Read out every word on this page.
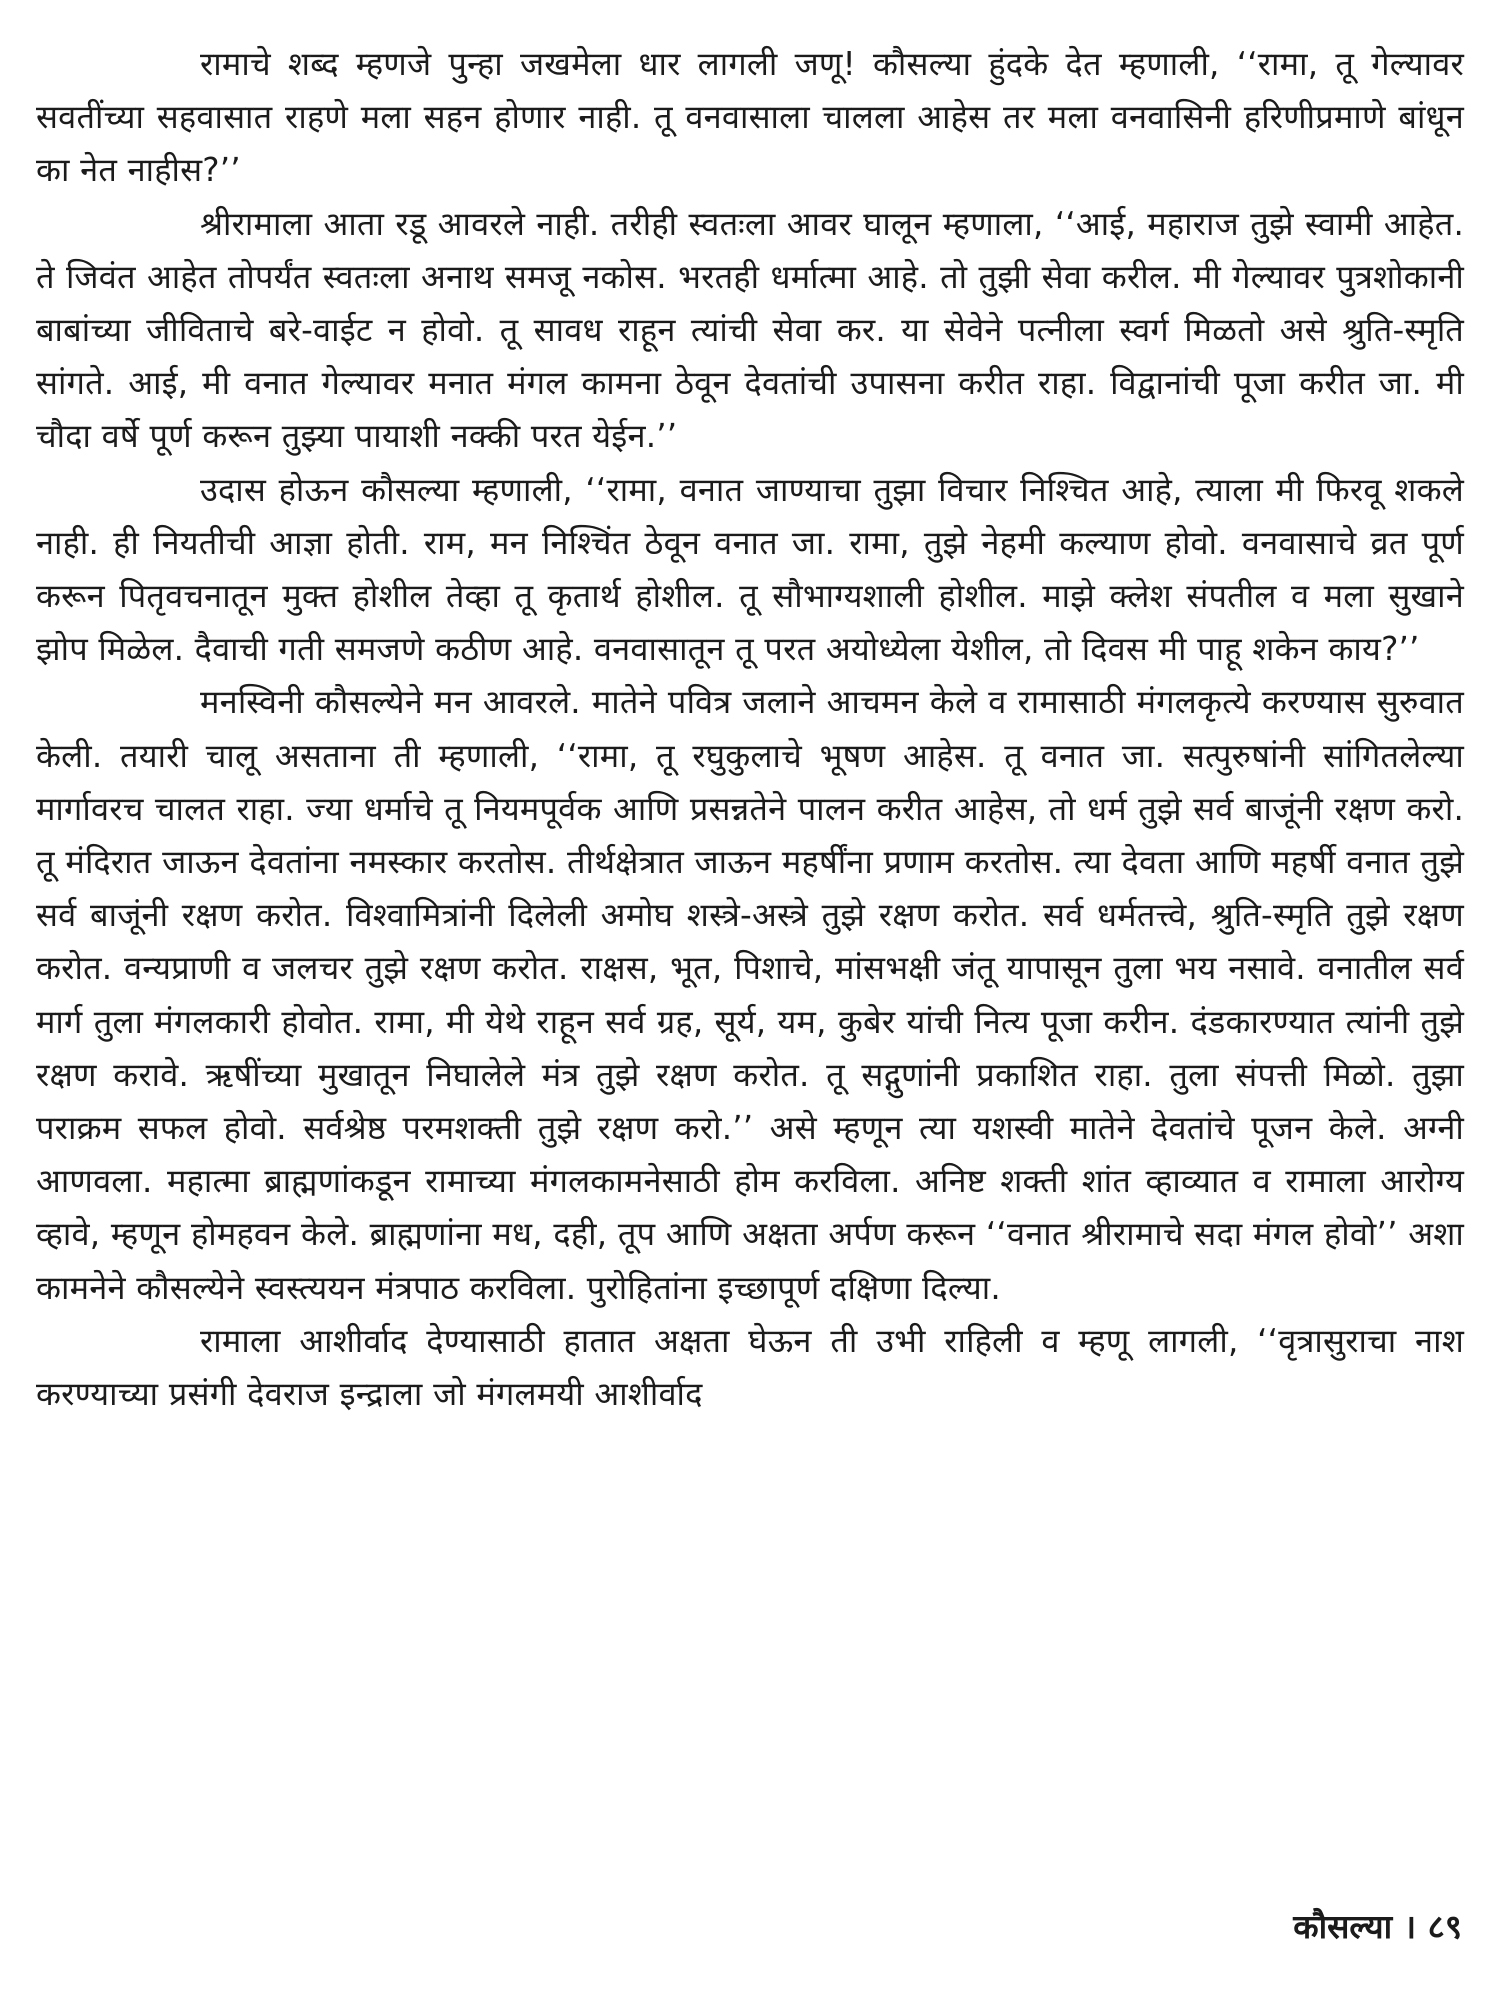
रामाचे शब्द म्हणजे पुन्हा जखमेला धार लागली जणू! कौसल्या हुंदके देत म्हणाली, ‘‘रामा, तू गेल्यावर सवतींच्या सहवासात राहणे मला सहन होणार नाही. तू वनवासाला चालला आहेस तर मला वनवासिनी हरिणीप्रमाणे बांधून का नेत नाहीस?’’

श्रीरामाला आता रडू आवरले नाही. तरीही स्वतःला आवर घालून म्हणाला, ‘‘आई, महाराज तुझे स्वामी आहेत. ते जिवंत आहेत तोपर्यंत स्वतःला अनाथ समजू नकोस. भरतही धर्मात्मा आहे. तो तुझी सेवा करील. मी गेल्यावर पुत्रशोकानी बाबांच्या जीविताचे बरे-वाईट न होवो. तू सावध राहून त्यांची सेवा कर. या सेवेने पत्नीला स्वर्ग मिळतो असे श्रुति-स्मृति सांगते. आई, मी वनात गेल्यावर मनात मंगल कामना ठेवून देवतांची उपासना करीत राहा. विद्वानांची पूजा करीत जा. मी चौदा वर्षे पूर्ण करून तुझ्या पायाशी नक्की परत येईन.’’

उदास होऊन कौसल्या म्हणाली, ‘‘रामा, वनात जाण्याचा तुझा विचार निश्चित आहे, त्याला मी फिरवू शकले नाही. ही नियतीची आज्ञा होती. राम, मन निश्चिंत ठेवून वनात जा. रामा, तुझे नेहमी कल्याण होवो. वनवासाचे व्रत पूर्ण करून पितृवचनातून मुक्त होशील तेव्हा तू कृतार्थ होशील. तू सौभाग्यशाली होशील. माझे क्लेश संपतील व मला सुखाने झोप मिळेल. दैवाची गती समजणे कठीण आहे. वनवासातून तू परत अयोध्येला येशील, तो दिवस मी पाहू शकेन काय?’’

मनस्विनी कौसल्येने मन आवरले. मातेने पवित्र जलाने आचमन केले व रामासाठी मंगलकृत्ये करण्यास सुरुवात केली. तयारी चालू असताना ती म्हणाली, ‘‘रामा, तू रघुकुलाचे भूषण आहेस. तू वनात जा. सत्पुरुषांनी सांगितलेल्या मार्गावरच चालत राहा. ज्या धर्माचे तू नियमपूर्वक आणि प्रसन्नतेने पालन करीत आहेस, तो धर्म तुझे सर्व बाजूंनी रक्षण करो. तू मंदिरात जाऊन देवतांना नमस्कार करतोस. तीर्थक्षेत्रात जाऊन महर्षींना प्रणाम करतोस. त्या देवता आणि महर्षी वनात तुझे सर्व बाजूंनी रक्षण करोत. विश्वामित्रांनी दिलेली अमोघ शस्त्रे-अस्त्रे तुझे रक्षण करोत. सर्व धर्मतत्त्वे, श्रुति-स्मृति तुझे रक्षण करोत. वन्यप्राणी व जलचर तुझे रक्षण करोत. राक्षस, भूत, पिशाचे, मांसभक्षी जंतू यापासून तुला भय नसावे. वनातील सर्व मार्ग तुला मंगलकारी होवोत. रामा, मी येथे राहून सर्व ग्रह, सूर्य, यम, कुबेर यांची नित्य पूजा करीन. दंडकारण्यात त्यांनी तुझे रक्षण करावे. ऋषींच्या मुखातून निघालेले मंत्र तुझे रक्षण करोत. तू सद्गुणांनी प्रकाशित राहा. तुला संपत्ती मिळो. तुझा पराक्रम सफल होवो. सर्वश्रेष्ठ परमशक्ती तुझे रक्षण करो.’’ असे म्हणून त्या यशस्वी मातेने देवतांचे पूजन केले. अग्नी आणवला. महात्मा ब्राह्मणांकडून रामाच्या मंगलकामनेसाठी होम करविला. अनिष्ट शक्ती शांत व्हाव्यात व रामाला आरोग्य व्हावे, म्हणून होमहवन केले. ब्राह्मणांना मध, दही, तूप आणि अक्षता अर्पण करून ‘‘वनात श्रीरामाचे सदा मंगल होवो’’ अशा कामनेने कौसल्येने स्वस्त्ययन मंत्रपाठ करविला. पुरोहितांना इच्छापूर्ण दक्षिणा दिल्या.

रामाला आशीर्वाद देण्यासाठी हातात अक्षता घेऊन ती उभी राहिली व म्हणू लागली, ‘‘वृत्रासुराचा नाश करण्याच्या प्रसंगी देवराज इन्द्राला जो मंगलमयी आशीर्वाद

कौसल्या । ८९
